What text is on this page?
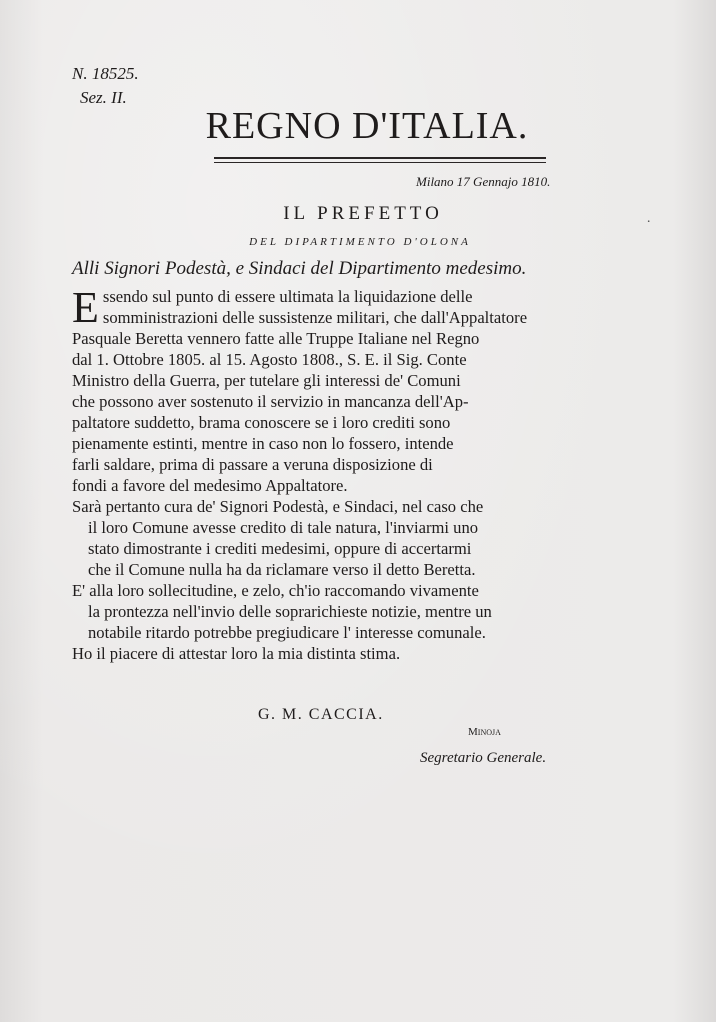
N. 18525.
Sez. II.
REGNO D'ITALIA.
Milano 17 Gennajo 1810.
IL PREFETTO
DEL DIPARTIMENTO D'OLONA
Alli Signori Podestà, e Sindaci del Dipartimento medesimo.
E ssendo sul punto di essere ultimata la liquidazione delle

somministrazioni delle sussistenze militari, che dall'Appaltatore

Pasquale Beretta vennero fatte alle Truppe Italiane nel Regno

dal 1. Ottobre 1805. al 15. Agosto 1808., S. E. il Sig. Conte

Ministro della Guerra, per tutelare gli interessi de' Comuni

che possono aver sostenuto il servizio in mancanza dell'Ap-

paltatore suddetto, brama conoscere se i loro crediti sono

pienamente estinti, mentre in caso non lo fossero, intende

farli saldare, prima di passare a veruna disposizione di

fondi a favore del medesimo Appaltatore.

Sarà pertanto cura de' Signori Podestà, e Sindaci, nel caso che

il loro Comune avesse credito di tale natura, l'inviarmi uno

stato dimostrante i crediti medesimi, oppure di accertarmi

che il Comune nulla ha da riclamare verso il detto Beretta.

E' alla loro sollecitudine, e zelo, ch'io raccomando vivamente

la prontezza nell'invio delle soprarichieste notizie, mentre un

notabile ritardo potrebbe pregiudicare l' interesse comunale.

Ho il piacere di attestar loro la mia distinta stima.

G. M. CACCIA.
Minoja
Segretario Generale.
˙
